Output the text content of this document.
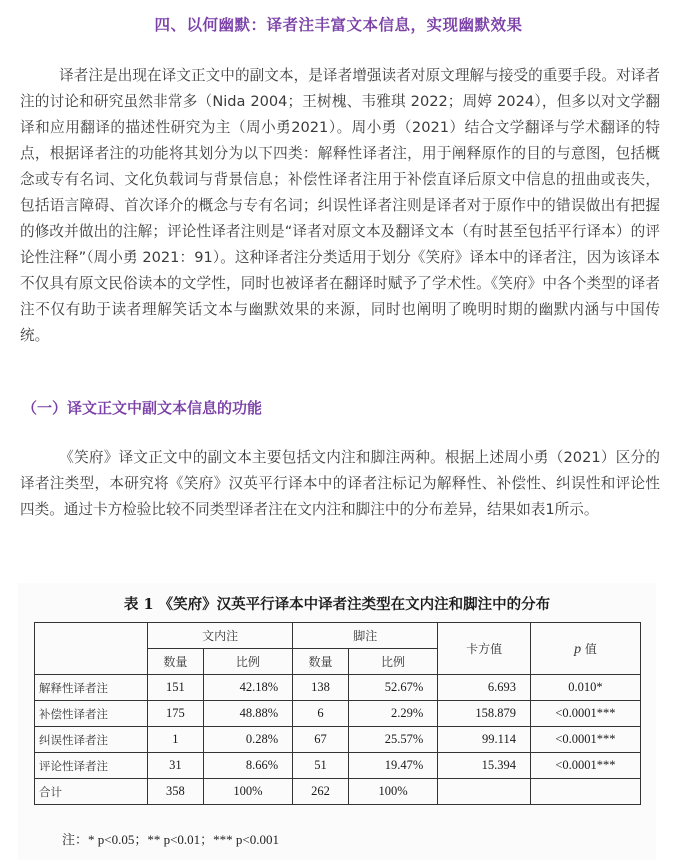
四、以何幽默：译者注丰富文本信息，实现幽默效果

译者注是出现在译文正文中的副文本，是译者增强读者对原文理解与接受的重要手段。对译者注的讨论和研究虽然非常多（Nida 2004；王树槐、韦雅琪 2022；周婷 2024），但多以对文学翻译和应用翻译的描述性研究为主（周小勇2021）。周小勇（2021）结合文学翻译与学术翻译的特点，根据译者注的功能将其划分为以下四类：解释性译者注，用于阐释原作的目的与意图，包括概念或专有名词、文化负载词与背景信息；补偿性译者注用于补偿直译后原文中信息的扭曲或丧失，包括语言障碍、首次译介的概念与专有名词；纠误性译者注则是译者对于原作中的错误做出有把握的修改并做出的注解；评论性译者注则是“译者对原文本及翻译文本（有时甚至包括平行译本）的评论性注释”（周小勇 2021：91）。这种译者注分类适用于划分《笑府》译本中的译者注，因为该译本不仅具有原文民俗读本的文学性，同时也被译者在翻译时赋予了学术性。《笑府》中各个类型的译者注不仅有助于读者理解笑话文本与幽默效果的来源，同时也阐明了晚明时期的幽默内涵与中国传统。

（一）译文正文中副文本信息的功能

《笑府》译文正文中的副文本主要包括文内注和脚注两种。根据上述周小勇（2021）区分的译者注类型，本研究将《笑府》汉英平行译本中的译者注标记为解释性、补偿性、纠误性和评论性四类。通过卡方检验比较不同类型译者注在文内注和脚注中的分布差异，结果如表1所示。

表 1 《笑府》汉英平行译本中译者注类型在文内注和脚注中的分布
	文内注		脚注		卡方值	p 值
	数量	比例	数量	比例		
解释性译者注	151	42.18%	138	52.67%	6.693	0.010*
补偿性译者注	175	48.88%	6	2.29%	158.879	<0.0001***
纠误性译者注	1	0.28%	67	25.57%	99.114	<0.0001***
评论性译者注	31	8.66%	51	19.47%	15.394	<0.0001***
合计	358	100%	262	100%		
注：* p<0.05；** p<0.01；*** p<0.001
